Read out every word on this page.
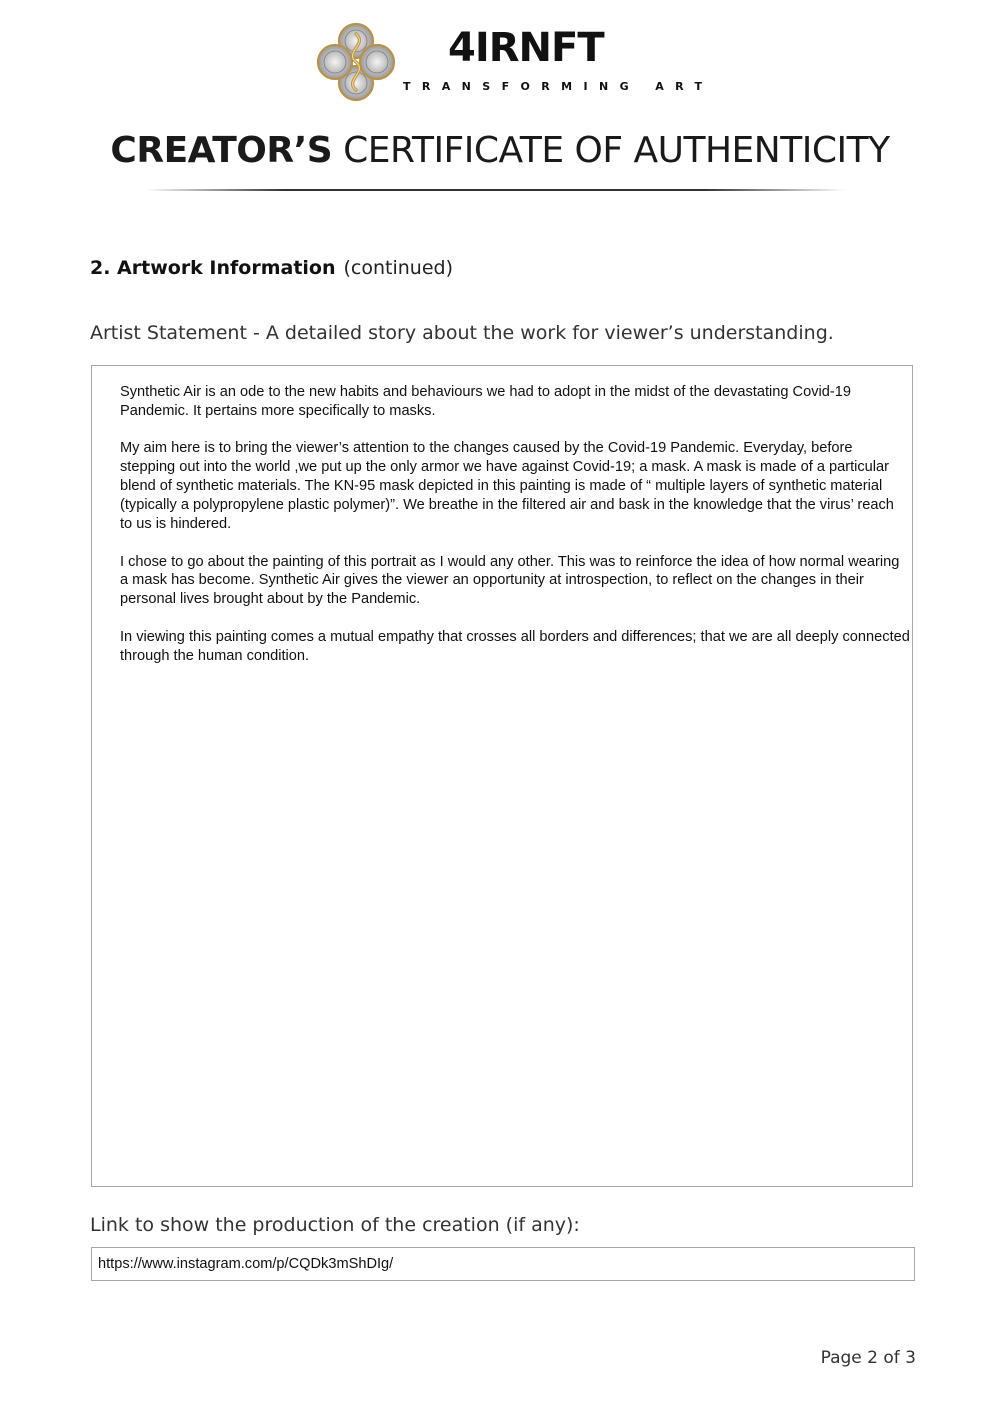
4IRNFT
TRANSFORMING ART
CREATOR’S CERTIFICATE OF AUTHENTICITY
2. Artwork Information (continued)
Artist Statement - A detailed story about the work for viewer’s understanding.

Synthetic Air is an ode to the new habits and behaviours we had to adopt in the midst of the devastating Covid-19 Pandemic. It pertains more specifically to masks.

My aim here is to bring the viewer’s attention to the changes caused by the Covid-19 Pandemic. Everyday, before stepping out into the world ,we put up the only armor we have against Covid-19; a mask. A mask is made of a particular blend of synthetic materials. The KN-95 mask depicted in this painting is made of “ multiple layers of synthetic material (typically a polypropylene plastic polymer)”. We breathe in the filtered air and bask in the knowledge that the virus’ reach to us is hindered.

I chose to go about the painting of this portrait as I would any other. This was to reinforce the idea of how normal wearing a mask has become. Synthetic Air gives the viewer an opportunity at introspection, to reflect on the changes in their personal lives brought about by the Pandemic.

In viewing this painting comes a mutual empathy that crosses all borders and differences; that we are all deeply connected through the human condition.

Link to show the production of the creation (if any):
https://www.instagram.com/p/CQDk3mShDIg/
Page 2 of 3
